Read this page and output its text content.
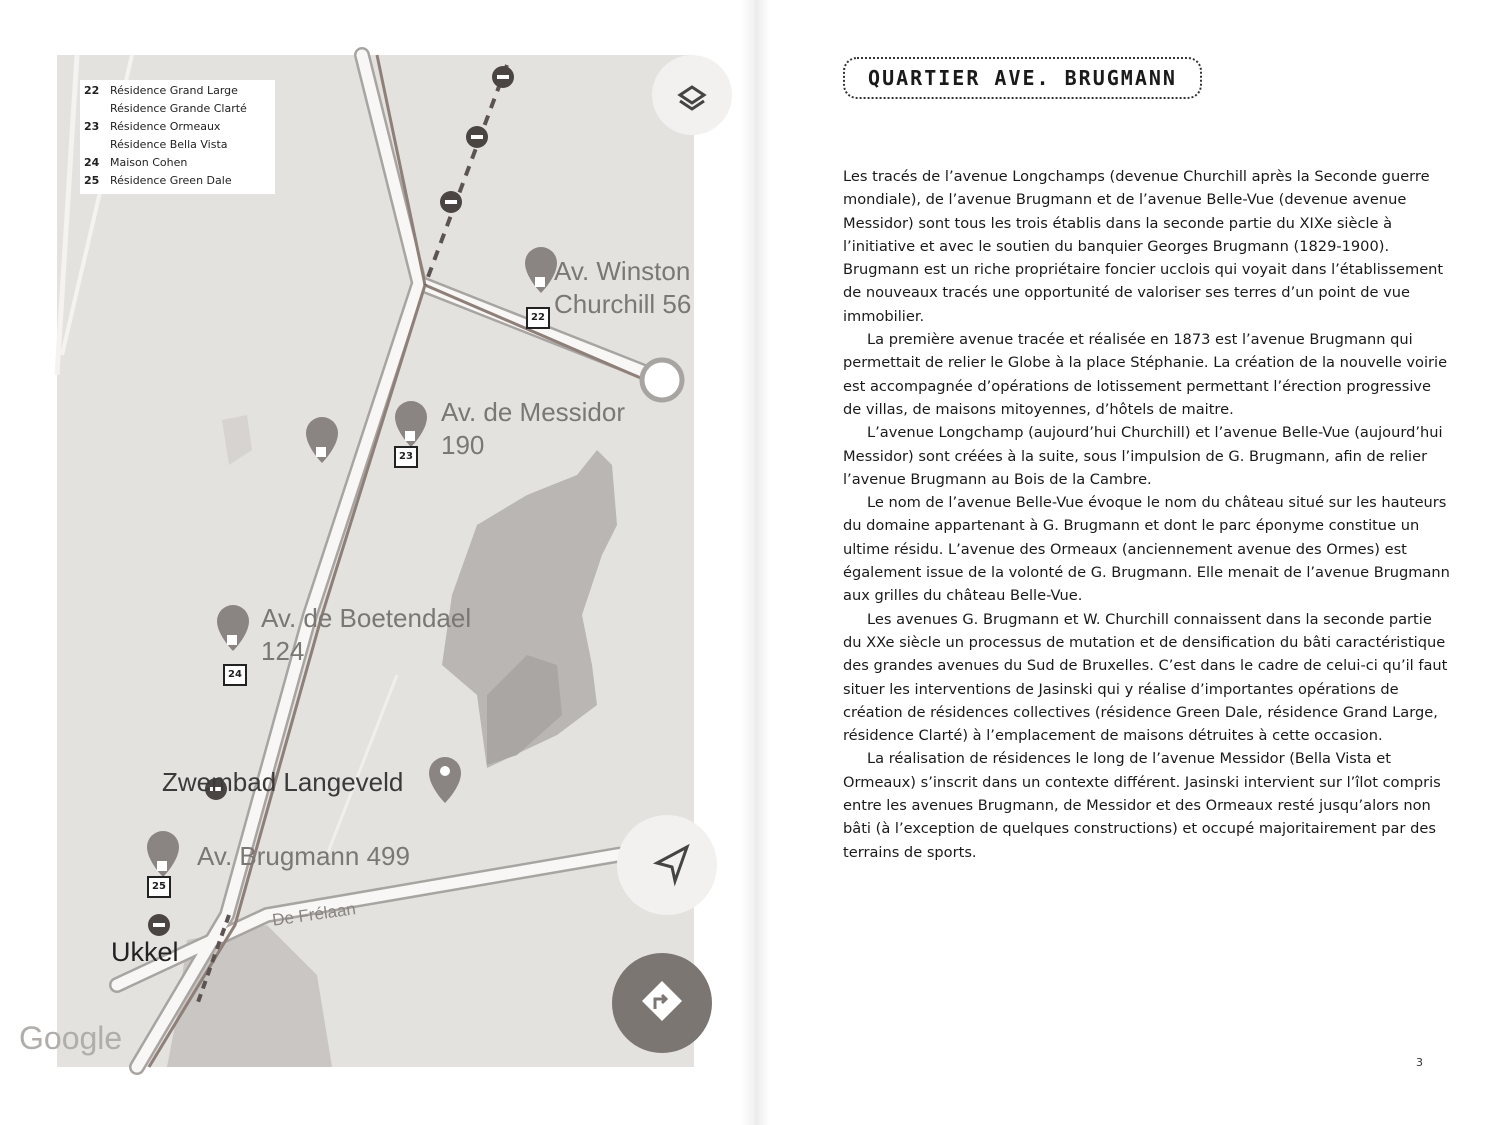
Av. Winston
Churchill 56
Av. de Messidor
190
Av. de Boetendael
124
Av. Brugmann 499
Zwembad Langeveld
Ukkel
De Frélaan
Google
22
23
24
25
22 Résidence Grand Large
Résidence Grande Clarté
23 Résidence Ormeaux
Résidence Bella Vista
24 Maison Cohen
25 Résidence Green Dale
QUARTIER AVE. BRUGMANN

Les tracés de l’avenue Longchamps (devenue Churchill après la Seconde guerre mondiale), de l’avenue Brugmann et de l’avenue Belle-Vue (devenue avenue Messidor) sont tous les trois établis dans la seconde partie du XIXe siècle à l’initiative et avec le soutien du banquier Georges Brugmann (1829-1900). Brugmann est un riche propriétaire foncier ucclois qui voyait dans l’établissement de nouveaux tracés une opportunité de valoriser ses terres d’un point de vue immobilier.

La première avenue tracée et réalisée en 1873 est l’avenue Brugmann qui permettait de relier le Globe à la place Stéphanie. La création de la nouvelle voirie est accompagnée d’opérations de lotissement permettant l’érection progressive de villas, de maisons mitoyennes, d’hôtels de maitre.

L’avenue Longchamp (aujourd’hui Churchill) et l’avenue Belle-Vue (aujourd’hui Messidor) sont créées à la suite, sous l’impulsion de G. Brugmann, afin de relier l’avenue Brugmann au Bois de la Cambre.

Le nom de l’avenue Belle-Vue évoque le nom du château situé sur les hauteurs du domaine appartenant à G. Brugmann et dont le parc éponyme constitue un ultime résidu. L’avenue des Ormeaux (anciennement avenue des Ormes) est également issue de la volonté de G. Brugmann. Elle menait de l’avenue Brugmann aux grilles du château Belle-Vue.

Les avenues G. Brugmann et W. Churchill connaissent dans la seconde partie du XXe siècle un processus de mutation et de densification du bâti caractéristique des grandes avenues du Sud de Bruxelles. C’est dans le cadre de celui-ci qu’il faut situer les interventions de Jasinski qui y réalise d’importantes opérations de création de résidences collectives (résidence Green Dale, résidence Grand Large, résidence Clarté) à l’emplacement de maisons détruites à cette occasion.

La réalisation de résidences le long de l’avenue Messidor (Bella Vista et Ormeaux) s’inscrit dans un contexte différent. Jasinski intervient sur l’îlot compris entre les avenues Brugmann, de Messidor et des Ormeaux resté jusqu’alors non bâti (à l’exception de quelques constructions) et occupé majoritairement par des terrains de sports.

3
